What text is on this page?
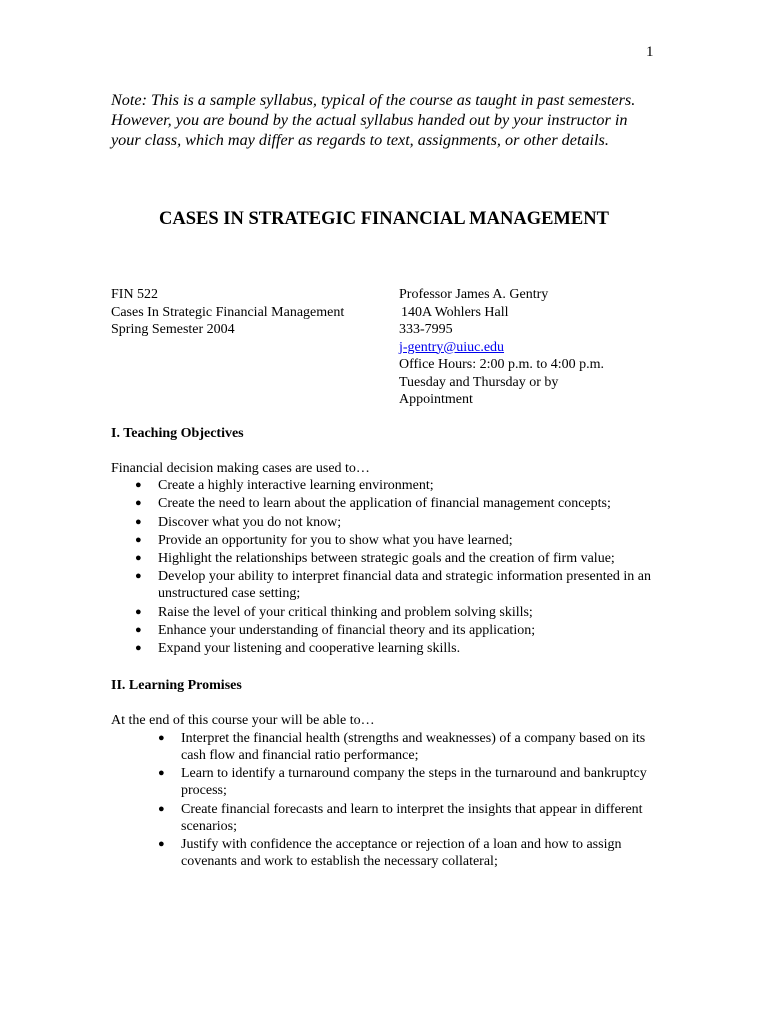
1
Note: This is a sample syllabus, typical of the course as taught in past semesters. However, you are bound by the actual syllabus handed out by your instructor in your class, which may differ as regards to text, assignments, or other details.
CASES IN STRATEGIC FINANCIAL MANAGEMENT
FIN 522
Cases In Strategic Financial Management
Spring Semester 2004
Professor James A. Gentry
140A Wohlers Hall
333-7995
j-gentry@uiuc.edu
Office Hours: 2:00 p.m. to 4:00 p.m.
Tuesday and Thursday or by
Appointment
I. Teaching Objectives
Financial decision making cases are used to…
● Create a highly interactive learning environment;
● Create the need to learn about the application of financial management concepts;
● Discover what you do not know;
● Provide an opportunity for you to show what you have learned;
● Highlight the relationships between strategic goals and the creation of firm value;
● Develop your ability to interpret financial data and strategic information presented in an unstructured case setting;
● Raise the level of your critical thinking and problem solving skills;
● Enhance your understanding of financial theory and its application;
● Expand your listening and cooperative learning skills.
II. Learning Promises
At the end of this course your will be able to…
● Interpret the financial health (strengths and weaknesses) of a company based on its cash flow and financial ratio performance;
● Learn to identify a turnaround company the steps in the turnaround and bankruptcy process;
● Create financial forecasts and learn to interpret the insights that appear in different scenarios;
● Justify with confidence the acceptance or rejection of a loan and how to assign covenants and work to establish the necessary collateral;
